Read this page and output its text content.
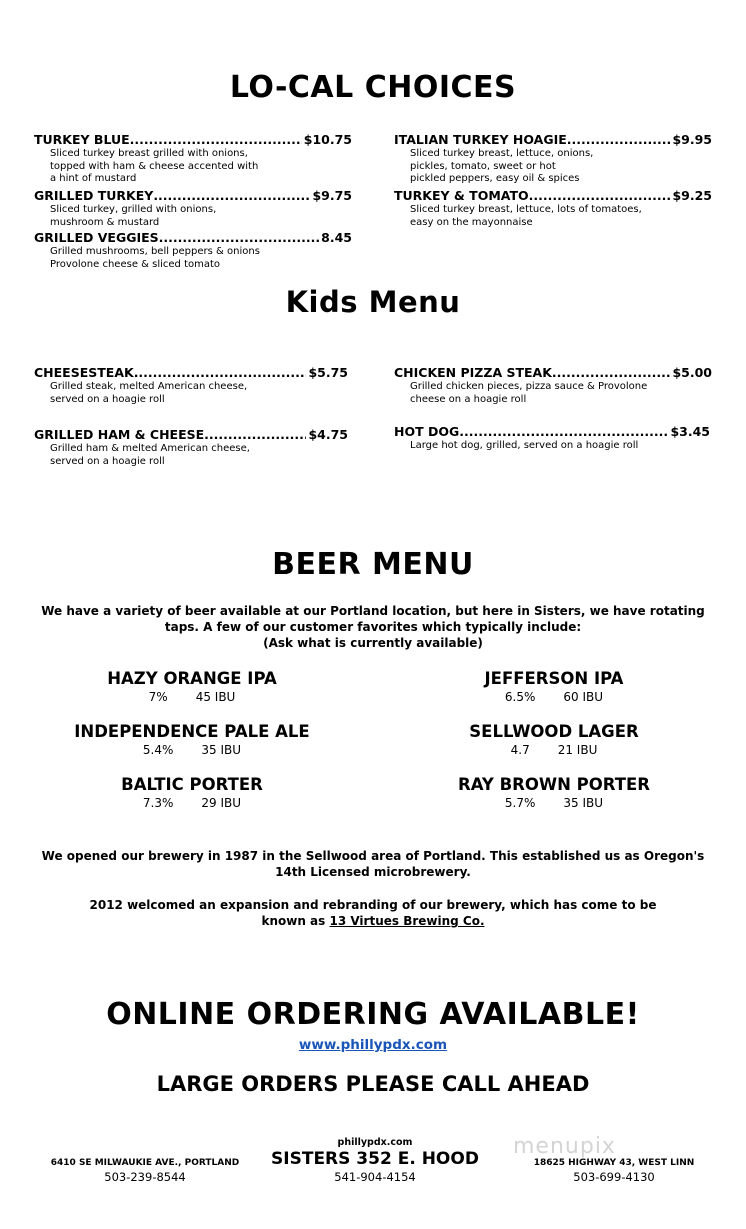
LO-CAL CHOICES
TURKEY BLUE .....	$10.75
Sliced turkey breast grilled with onions,
topped with ham & cheese accented with
a hint of mustard
GRILLED TURKEY .....	$9.75
Sliced turkey, grilled with onions,
mushroom & mustard
GRILLED VEGGIES .....	8.45
Grilled mushrooms, bell peppers & onions
Provolone cheese & sliced tomato
ITALIAN TURKEY HOAGIE .....	$9.95
Sliced turkey breast, lettuce, onions,
pickles, tomato, sweet or hot
pickled peppers, easy oil & spices
TURKEY & TOMATO .....	$9.25
Sliced turkey breast, lettuce, lots of tomatoes,
easy on the mayonnaise
Kids Menu
CHEESESTEAK .....	$5.75
Grilled steak, melted American cheese,
served on a hoagie roll
GRILLED HAM & CHEESE .....	$4.75
Grilled ham & melted American cheese,
served on a hoagie roll
CHICKEN PIZZA STEAK .....	$5.00
Grilled chicken pieces, pizza sauce & Provolone
cheese on a hoagie roll
HOT DOG .....	$3.45
Large hot dog, grilled, served on a hoagie roll
BEER MENU
We have a variety of beer available at our Portland location, but here in Sisters, we have rotating
taps. A few of our customer favorites which typically include:
(Ask what is currently available)
HAZY ORANGE IPA
7% 45 IBU
JEFFERSON IPA
6.5% 60 IBU
INDEPENDENCE PALE ALE
5.4% 35 IBU
SELLWOOD LAGER
4.7 21 IBU
BALTIC PORTER
7.3% 29 IBU
RAY BROWN PORTER
5.7% 35 IBU
We opened our brewery in 1987 in the Sellwood area of Portland. This established us as Oregon's
14th Licensed microbrewery.
2012 welcomed an expansion and rebranding of our brewery, which has come to be
known as 13 Virtues Brewing Co.
ONLINE ORDERING AVAILABLE!
www.phillypdx.com
LARGE ORDERS PLEASE CALL AHEAD
6410 SE MILWAUKIE AVE., PORTLAND
503-239-8544
phillypdx.com
SISTERS 352 E. HOOD
541-904-4154
menupix
18625 HIGHWAY 43, WEST LINN
503-699-4130
